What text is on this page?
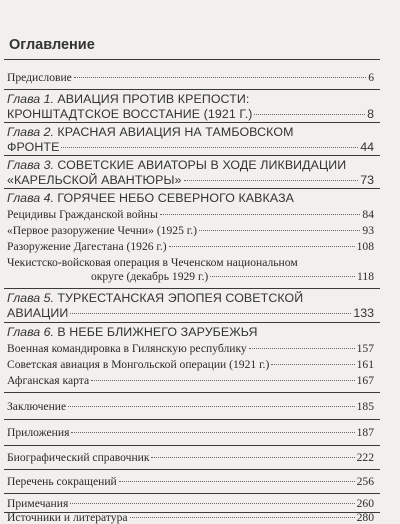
Оглавление
Предисловие	6
Глава 1.
АВИАЦИЯ ПРОТИВ КРЕПОСТИ:
КРОНШТАДТСКОЕ ВОССТАНИЕ (1921 Г.)	8
Глава 2.
КРАСНАЯ АВИАЦИЯ НА ТАМБОВСКОМ
ФРОНТЕ	44
Глава 3.
СОВЕТСКИЕ АВИАТОРЫ В ХОДЕ ЛИКВИДАЦИИ
«КАРЕЛЬСКОЙ АВАНТЮРЫ»	73
Глава 4.
ГОРЯЧЕЕ НЕБО СЕВЕРНОГО КАВКАЗА
Рецидивы Гражданской войны	84
«Первое разоружение Чечни» (1925 г.)	93
Разоружение Дагестана (1926 г.)	108
Чекистско-войсковая операция в Чеченском национальном
округе (декабрь 1929 г.)	118
Глава 5.
ТУРКЕСТАНСКАЯ ЭПОПЕЯ СОВЕТСКОЙ
АВИАЦИИ	133
Глава 6.
В НЕБЕ БЛИЖНЕГО ЗАРУБЕЖЬЯ
Военная командировка в Гилянскую республику	157
Советская авиация в Монгольской операции (1921 г.)	161
Афганская карта	167
Заключение	185
Приложения	187
Биографический справочник	222
Перечень сокращений	256
Примечания	260
Источники и литература	280
